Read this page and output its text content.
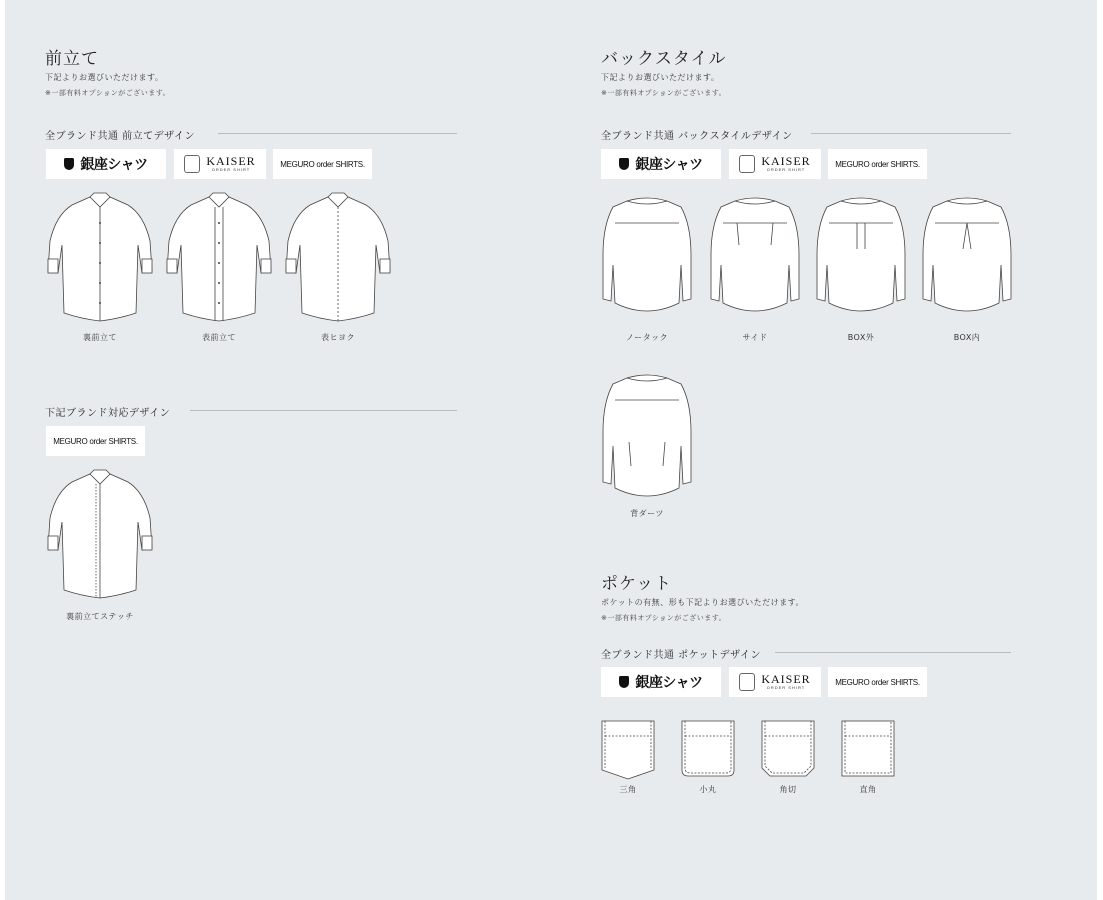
前立て
下記よりお選びいただけます。
※一部有料オプションがございます。
全ブランド共通 前立てデザイン
銀座シャツ	KAISER
ORDER SHIRT
MEGURO order SHIRTS.
裏前立て	表前立て	表ヒヨク
下記ブランド対応デザイン
MEGURO order SHIRTS.
裏前立てステッチ
バックスタイル
下記よりお選びいただけます。
※一部有料オプションがございます。
全ブランド共通 バックスタイルデザイン
銀座シャツ	KAISER
ORDER SHIRT
MEGURO order SHIRTS.
ノータック	サイド	BOX外	BOX内
背ダーツ
ポケット
ポケットの有無、形も下記よりお選びいただけます。
※一部有料オプションがございます。
全ブランド共通 ポケットデザイン
銀座シャツ	KAISER
ORDER SHIRT
MEGURO order SHIRTS.
三角	小丸	角切	直角
